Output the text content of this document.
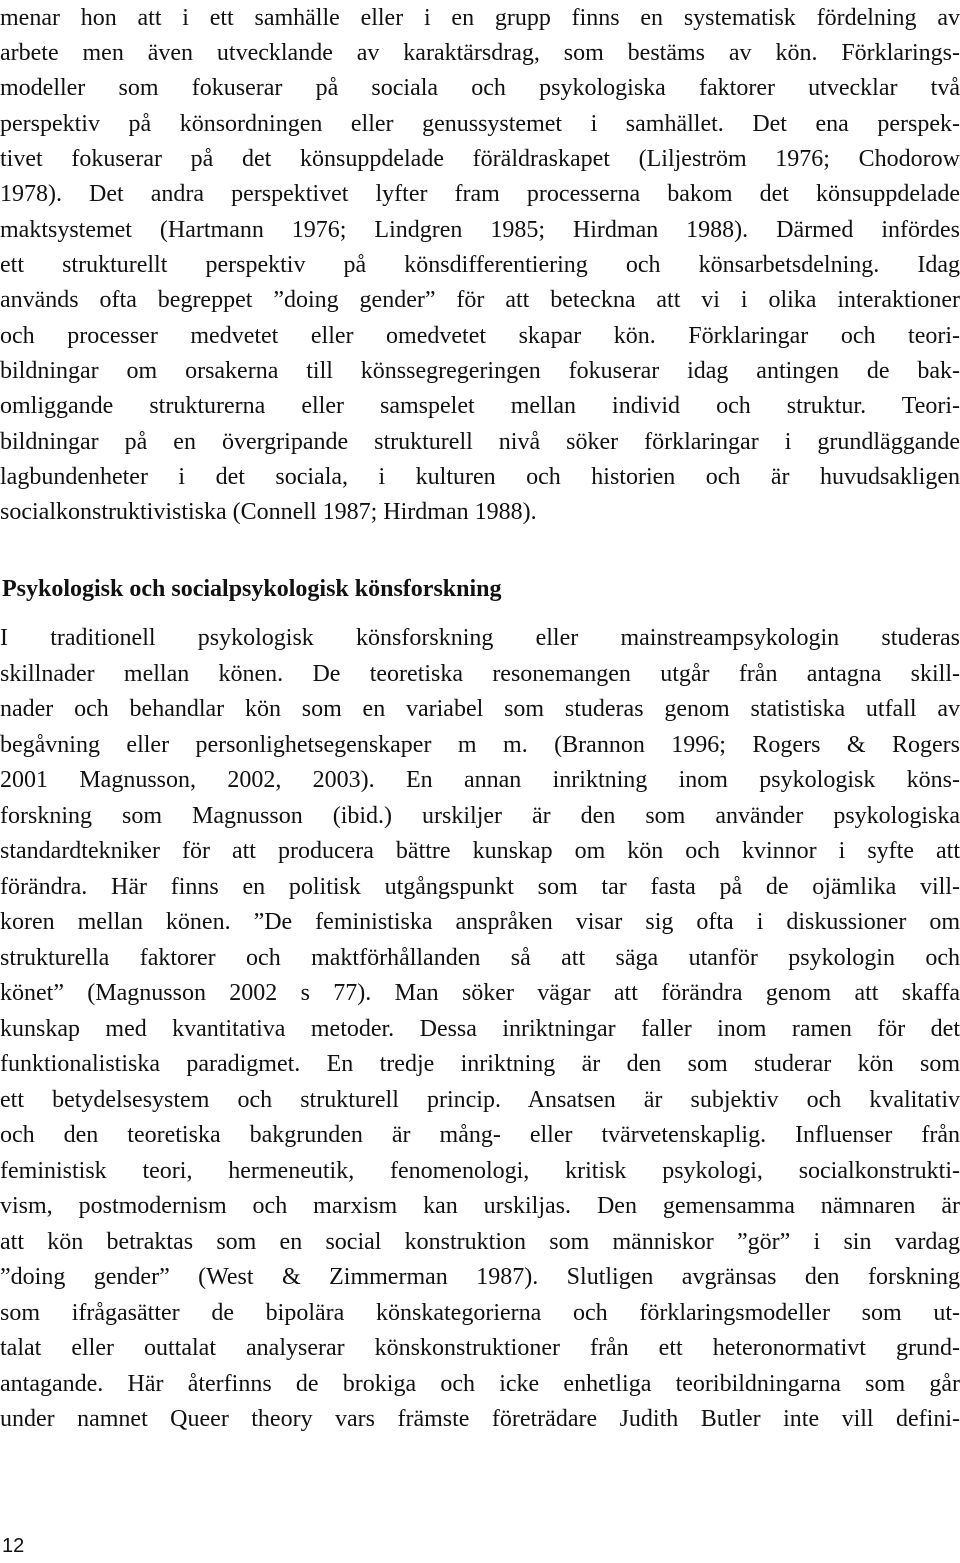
menar hon att i ett samhälle eller i en grupp finns en systematisk fördelning av
arbete men även utvecklande av karaktärsdrag, som bestäms av kön. Förklarings-
modeller som fokuserar på sociala och psykologiska faktorer utvecklar två
perspektiv på könsordningen eller genussystemet i samhället. Det ena perspek-
tivet fokuserar på det könsuppdelade föräldraskapet (Liljeström 1976; Chodorow
1978). Det andra perspektivet lyfter fram processerna bakom det könsuppdelade
maktsystemet (Hartmann 1976; Lindgren 1985; Hirdman 1988). Därmed infördes
ett strukturellt perspektiv på könsdifferentiering och könsarbetsdelning. Idag
används ofta begreppet ”doing gender” för att beteckna att vi i olika interaktioner
och processer medvetet eller omedvetet skapar kön. Förklaringar och teori-
bildningar om orsakerna till könssegregeringen fokuserar idag antingen de bak-
omliggande strukturerna eller samspelet mellan individ och struktur. Teori-
bildningar på en övergripande strukturell nivå söker förklaringar i grundläggande
lagbundenheter i det sociala, i kulturen och historien och är huvudsakligen
socialkonstruktivistiska (Connell 1987; Hirdman 1988).
Psykologisk och socialpsykologisk könsforskning
I traditionell psykologisk könsforskning eller mainstreampsykologin studeras
skillnader mellan könen. De teoretiska resonemangen utgår från antagna skill-
nader och behandlar kön som en variabel som studeras genom statistiska utfall av
begåvning eller personlighetsegenskaper m m. (Brannon 1996; Rogers & Rogers
2001 Magnusson, 2002, 2003). En annan inriktning inom psykologisk köns-
forskning som Magnusson (ibid.) urskiljer är den som använder psykologiska
standardtekniker för att producera bättre kunskap om kön och kvinnor i syfte att
förändra. Här finns en politisk utgångspunkt som tar fasta på de ojämlika vill-
koren mellan könen. ”De feministiska anspråken visar sig ofta i diskussioner om
strukturella faktorer och maktförhållanden så att säga utanför psykologin och
könet” (Magnusson 2002 s 77). Man söker vägar att förändra genom att skaffa
kunskap med kvantitativa metoder. Dessa inriktningar faller inom ramen för det
funktionalistiska paradigmet. En tredje inriktning är den som studerar kön som
ett betydelsesystem och strukturell princip. Ansatsen är subjektiv och kvalitativ
och den teoretiska bakgrunden är mång- eller tvärvetenskaplig. Influenser från
feministisk teori, hermeneutik, fenomenologi, kritisk psykologi, socialkonstrukti-
vism, postmodernism och marxism kan urskiljas. Den gemensamma nämnaren är
att kön betraktas som en social konstruktion som människor ”gör” i sin vardag
”doing gender” (West & Zimmerman 1987). Slutligen avgränsas den forskning
som ifrågasätter de bipolära könskategorierna och förklaringsmodeller som ut-
talat eller outtalat analyserar könskonstruktioner från ett heteronormativt grund-
antagande. Här återfinns de brokiga och icke enhetliga teoribildningarna som går
under namnet Queer theory vars främste företrädare Judith Butler inte vill defini-
12
